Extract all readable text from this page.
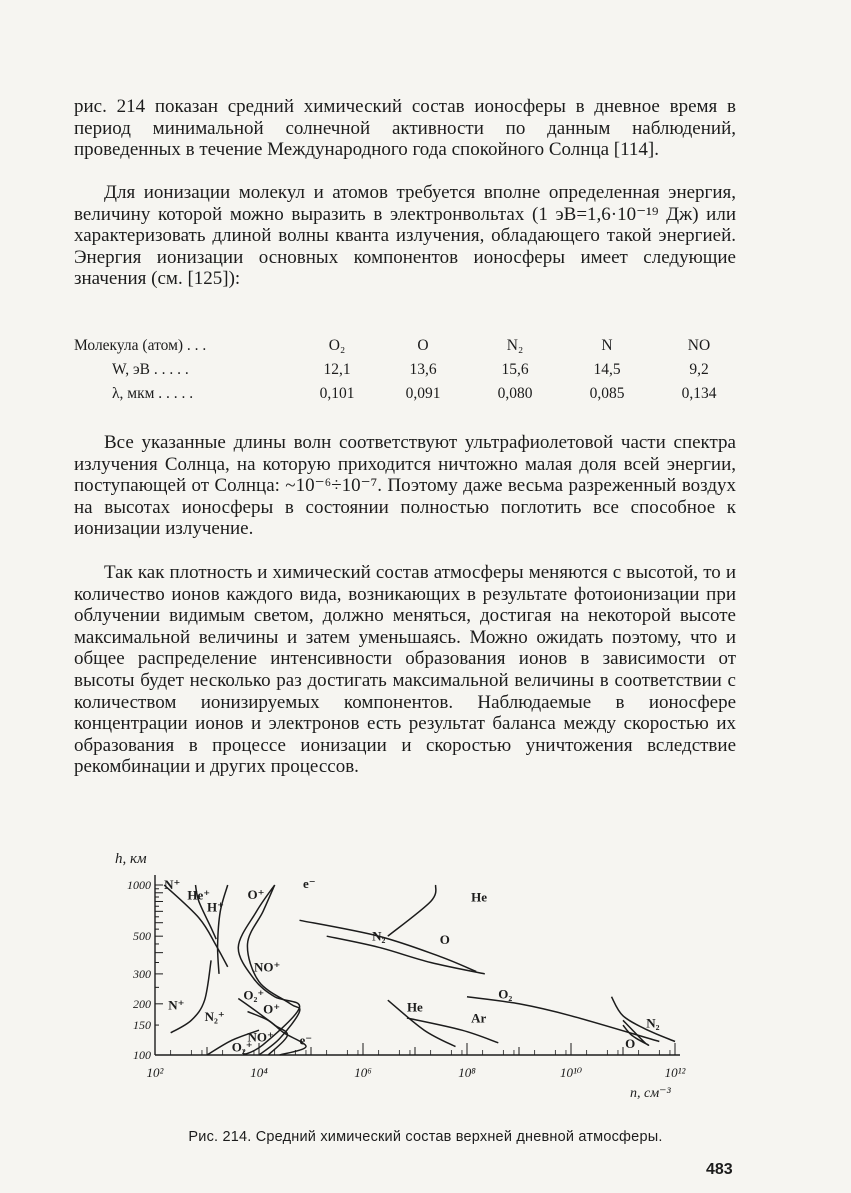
рис. 214 показан средний химический состав ионосферы в дневное время в период минимальной солнечной активности по данным наблюдений, проведенных в течение Международного года спокойного Солнца [114].

Для ионизации молекул и атомов требуется вполне определенная энергия, величину которой можно выразить в электронвольтах (1 эВ=1,6·10⁻¹⁹ Дж) или характеризовать длиной волны кванта излучения, обладающего такой энергией. Энергия ионизации основных компонентов ионосферы имеет следующие значения (см. [125]):

Молекула (атом) . . .	O₂	O	N₂	N	NO
W, эВ . . . . .	12,1	13,6	15,6	14,5	9,2
λ, мкм . . . . .	0,101	0,091	0,080	0,085	0,134

Все указанные длины волн соответствуют ультрафиолетовой части спектра излучения Солнца, на которую приходится ничтожно малая доля всей энергии, поступающей от Солнца: ~10⁻⁶÷10⁻⁷. Поэтому даже весьма разреженный воздух на высотах ионосферы в состоянии полностью поглотить все способное к ионизации излучение.

Так как плотность и химический состав атмосферы меняются с высотой, то и количество ионов каждого вида, возникающих в результате фотоионизации при облучении видимым светом, должно меняться, достигая на некоторой высоте максимальной величины и затем уменьшаясь. Можно ожидать поэтому, что и общее распределение интенсивности образования ионов в зависимости от высоты будет несколько раз достигать максимальной величины в соответствии с количеством ионизируемых компонентов. Наблюдаемые в ионосфере концентрации ионов и электронов есть результат баланса между скоростью их образования в процессе ионизации и скоростью уничтожения вследствие рекомбинации и других процессов.

1000
500
300
200
150
100
10²	10⁴	10⁶	10⁸	10¹⁰	10¹²
h, км
n, см⁻³
N⁺
He⁺
H⁺
O⁺
e⁻
He
N₂	O
NO⁺
O₂⁺
N₂⁺
O⁺
N⁺
NO⁺
O₂⁺	e⁻
He
Ar
O₂
N₂
O
Рис. 214. Средний химический состав верхней дневной атмосферы.
483
